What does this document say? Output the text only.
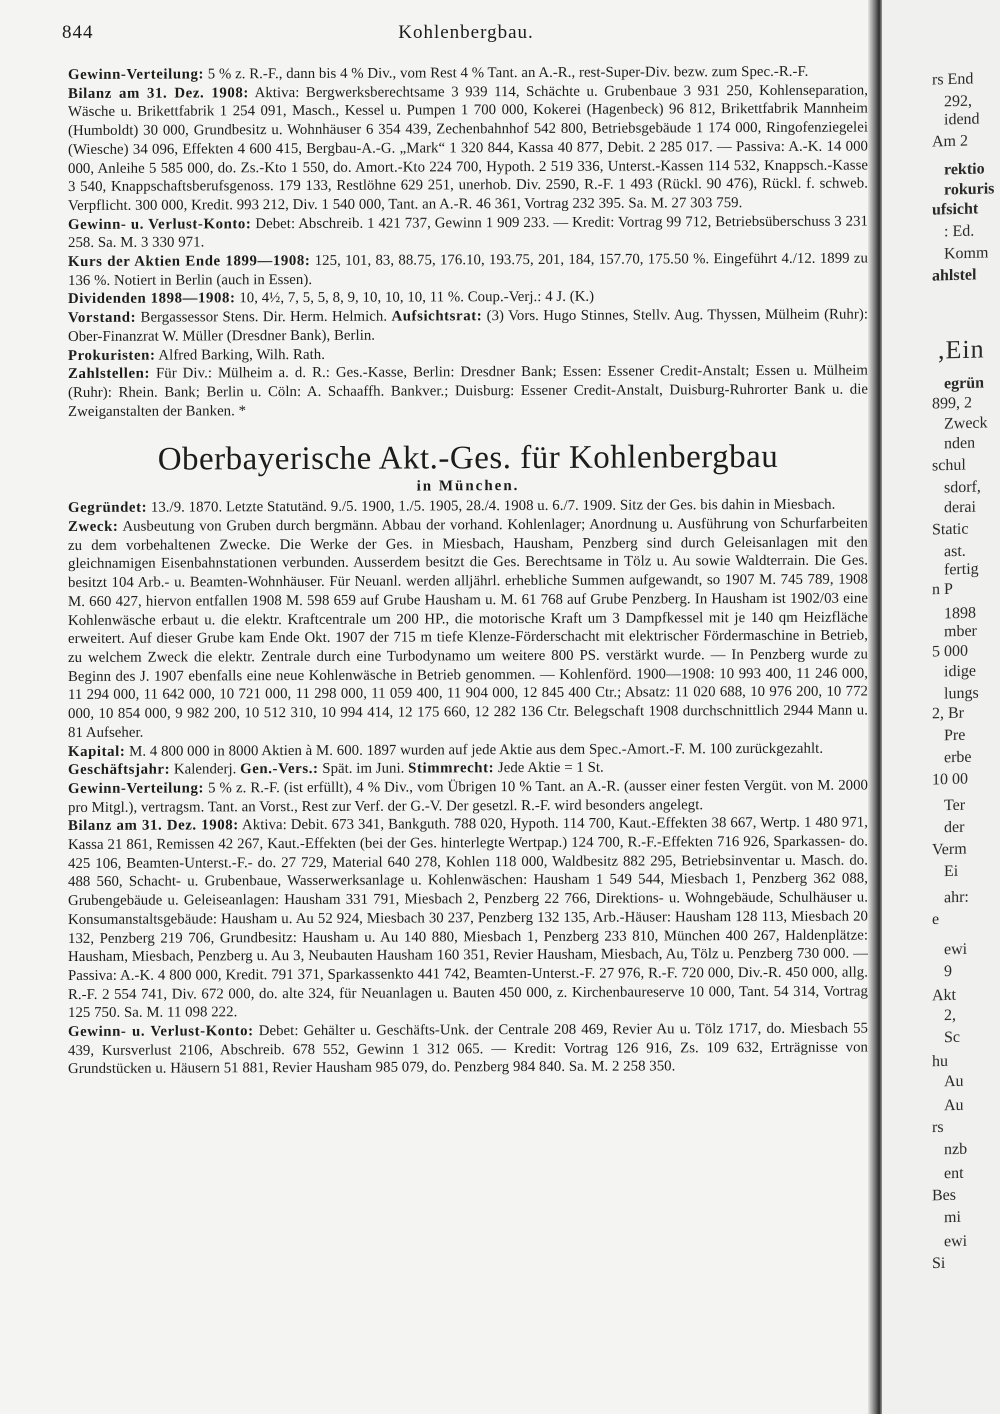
844	Kohlenbergbau.

Gewinn-Verteilung: 5 % z. R.-F., dann bis 4 % Div., vom Rest 4 % Tant. an A.-R., rest-Super-Div. bezw. zum Spec.-R.-F.

Bilanz am 31. Dez. 1908: Aktiva: Bergwerksberechtsame 3 939 114, Schächte u. Grubenbaue 3 931 250, Kohlenseparation, Wäsche u. Brikettfabrik 1 254 091, Masch., Kessel u. Pumpen 1 700 000, Kokerei (Hagenbeck) 96 812, Brikettfabrik Mannheim (Humboldt) 30 000, Grundbesitz u. Wohnhäuser 6 354 439, Zechenbahnhof 542 800, Betriebsgebäude 1 174 000, Ringofenziegelei (Wiesche) 34 096, Effekten 4 600 415, Bergbau-A.-G. „Mark“ 1 320 844, Kassa 40 877, Debit. 2 285 017. — Passiva: A.-K. 14 000 000, Anleihe 5 585 000, do. Zs.-Kto 1 550, do. Amort.-Kto 224 700, Hypoth. 2 519 336, Unterst.-Kassen 114 532, Knappsch.-Kasse 3 540, Knappschaftsberufsgenoss. 179 133, Restlöhne 629 251, unerhob. Div. 2590, R.-F. 1 493 (Rückl. 90 476), Rückl. f. schweb. Verpflicht. 300 000, Kredit. 993 212, Div. 1 540 000, Tant. an A.-R. 46 361, Vortrag 232 395. Sa. M. 27 303 759.

Gewinn- u. Verlust-Konto: Debet: Abschreib. 1 421 737, Gewinn 1 909 233. — Kredit: Vortrag 99 712, Betriebsüberschuss 3 231 258. Sa. M. 3 330 971.

Kurs der Aktien Ende 1899—1908: 125, 101, 83, 88.75, 176.10, 193.75, 201, 184, 157.70, 175.50 %. Eingeführt 4./12. 1899 zu 136 %. Notiert in Berlin (auch in Essen).

Dividenden 1898—1908: 10, 4½, 7, 5, 5, 8, 9, 10, 10, 10, 11 %. Coup.-Verj.: 4 J. (K.)

Vorstand: Bergassessor Stens. Dir. Herm. Helmich. Aufsichtsrat: (3) Vors. Hugo Stinnes, Stellv. Aug. Thyssen, Mülheim (Ruhr): Ober-Finanzrat W. Müller (Dresdner Bank), Berlin.

Prokuristen: Alfred Barking, Wilh. Rath.

Zahlstellen: Für Div.: Mülheim a. d. R.: Ges.-Kasse, Berlin: Dresdner Bank; Essen: Essener Credit-Anstalt; Essen u. Mülheim (Ruhr): Rhein. Bank; Berlin u. Cöln: A. Schaaffh. Bankver.; Duisburg: Essener Credit-Anstalt, Duisburg-Ruhrorter Bank u. die Zweiganstalten der Banken. *

Oberbayerische Akt.-Ges. für Kohlenbergbau
in München.

Gegründet: 13./9. 1870. Letzte Statutänd. 9./5. 1900, 1./5. 1905, 28./4. 1908 u. 6./7. 1909. Sitz der Ges. bis dahin in Miesbach.

Zweck: Ausbeutung von Gruben durch bergmänn. Abbau der vorhand. Kohlenlager; Anordnung u. Ausführung von Schurfarbeiten zu dem vorbehaltenen Zwecke. Die Werke der Ges. in Miesbach, Hausham, Penzberg sind durch Geleisanlagen mit den gleichnamigen Eisenbahnstationen verbunden. Ausserdem besitzt die Ges. Berechtsame in Tölz u. Au sowie Waldterrain. Die Ges. besitzt 104 Arb.- u. Beamten-Wohnhäuser. Für Neuanl. werden alljährl. erhebliche Summen aufgewandt, so 1907 M. 745 789, 1908 M. 660 427, hiervon entfallen 1908 M. 598 659 auf Grube Hausham u. M. 61 768 auf Grube Penzberg. In Hausham ist 1902/03 eine Kohlenwäsche erbaut u. die elektr. Kraftcentrale um 200 HP., die motorische Kraft um 3 Dampfkessel mit je 140 qm Heizfläche erweitert. Auf dieser Grube kam Ende Okt. 1907 der 715 m tiefe Klenze-Förderschacht mit elektrischer Fördermaschine in Betrieb, zu welchem Zweck die elektr. Zentrale durch eine Turbodynamo um weitere 800 PS. verstärkt wurde. — In Penzberg wurde zu Beginn des J. 1907 ebenfalls eine neue Kohlenwäsche in Betrieb genommen. — Kohlenförd. 1900—1908: 10 993 400, 11 246 000, 11 294 000, 11 642 000, 10 721 000, 11 298 000, 11 059 400, 11 904 000, 12 845 400 Ctr.; Absatz: 11 020 688, 10 976 200, 10 772 000, 10 854 000, 9 982 200, 10 512 310, 10 994 414, 12 175 660, 12 282 136 Ctr. Belegschaft 1908 durchschnittlich 2944 Mann u. 81 Aufseher.

Kapital: M. 4 800 000 in 8000 Aktien à M. 600. 1897 wurden auf jede Aktie aus dem Spec.-Amort.-F. M. 100 zurückgezahlt.

Geschäftsjahr: Kalenderj. Gen.-Vers.: Spät. im Juni. Stimmrecht: Jede Aktie = 1 St.

Gewinn-Verteilung: 5 % z. R.-F. (ist erfüllt), 4 % Div., vom Übrigen 10 % Tant. an A.-R. (ausser einer festen Vergüt. von M. 2000 pro Mitgl.), vertragsm. Tant. an Vorst., Rest zur Verf. der G.-V. Der gesetzl. R.-F. wird besonders angelegt.

Bilanz am 31. Dez. 1908: Aktiva: Debit. 673 341, Bankguth. 788 020, Hypoth. 114 700, Kaut.-Effekten 38 667, Wertp. 1 480 971, Kassa 21 861, Remissen 42 267, Kaut.-Effekten (bei der Ges. hinterlegte Wertpap.) 124 700, R.-F.-Effekten 716 926, Sparkassen- do. 425 106, Beamten-Unterst.-F.- do. 27 729, Material 640 278, Kohlen 118 000, Waldbesitz 882 295, Betriebsinventar u. Masch. do. 488 560, Schacht- u. Grubenbaue, Wasserwerksanlage u. Kohlenwäschen: Hausham 1 549 544, Miesbach 1, Penzberg 362 088, Grubengebäude u. Geleiseanlagen: Hausham 331 791, Miesbach 2, Penzberg 22 766, Direktions- u. Wohngebäude, Schulhäuser u. Konsumanstaltsgebäude: Hausham u. Au 52 924, Miesbach 30 237, Penzberg 132 135, Arb.-Häuser: Hausham 128 113, Miesbach 20 132, Penzberg 219 706, Grundbesitz: Hausham u. Au 140 880, Miesbach 1, Penzberg 233 810, München 400 267, Haldenplätze: Hausham, Miesbach, Penzberg u. Au 3, Neubauten Hausham 160 351, Revier Hausham, Miesbach, Au, Tölz u. Penzberg 730 000. — Passiva: A.-K. 4 800 000, Kredit. 791 371, Sparkassenkto 441 742, Beamten-Unterst.-F. 27 976, R.-F. 720 000, Div.-R. 450 000, allg. R.-F. 2 554 741, Div. 672 000, do. alte 324, für Neuanlagen u. Bauten 450 000, z. Kirchenbaureserve 10 000, Tant. 54 314, Vortrag 125 750. Sa. M. 11 098 222.

Gewinn- u. Verlust-Konto: Debet: Gehälter u. Geschäfts-Unk. der Centrale 208 469, Revier Au u. Tölz 1717, do. Miesbach 55 439, Kursverlust 2106, Abschreib. 678 552, Gewinn 1 312 065. — Kredit: Vortrag 126 916, Zs. 109 632, Erträgnisse von Grundstücken u. Häusern 51 881, Revier Hausham 985 079, do. Penzberg 984 840. Sa. M. 2 258 350.

rs End
292,
idend
Am 2
rektio
rokuris
ufsicht
: Ed.
Komm
ahlstel
,Ein
egrün
899, 2
Zweck
nden
schul
sdorf,
derai
Static
ast.
fertig
n P
1898
mber
5 000
idige
lungs
2, Br
Pre
erbe
10 00
Ter
der
Verm
Ei
ahr:
e
ewi
9
Akt
2,
Sc
hu
Au
Au
rs
nzb
ent
Bes
mi
ewi
Si
